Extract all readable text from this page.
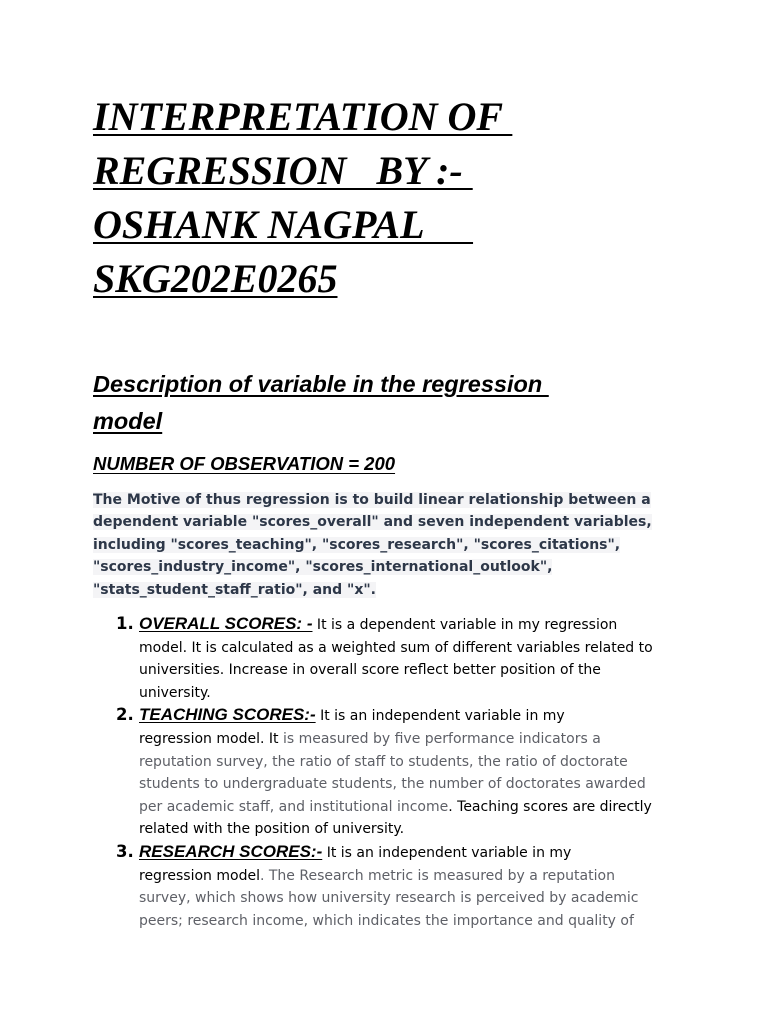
INTERPRETATION OF
REGRESSION   BY :-
OSHANK NAGPAL
SKG202E0265
Description of variable in the regression
model
NUMBER OF OBSERVATION = 200
The Motive of thus regression is to build linear relationship between a
dependent variable "scores_overall" and seven independent variables,
including "scores_teaching", "scores_research", "scores_citations",
"scores_industry_income", "scores_international_outlook",
"stats_student_staff_ratio", and "x".
1. OVERALL SCORES: - It is a dependent variable in my regression
model. It is calculated as a weighted sum of different variables related to
universities. Increase in overall score reflect better position of the
university.
2. TEACHING SCORES:- It is an independent variable in my
regression model. It is measured by five performance indicators a
reputation survey, the ratio of staff to students, the ratio of doctorate
students to undergraduate students, the number of doctorates awarded
per academic staff, and institutional income. Teaching scores are directly
related with the position of university.
3. RESEARCH SCORES:- It is an independent variable in my
regression model. The Research metric is measured by a reputation
survey, which shows how university research is perceived by academic
peers; research income, which indicates the importance and quality of
